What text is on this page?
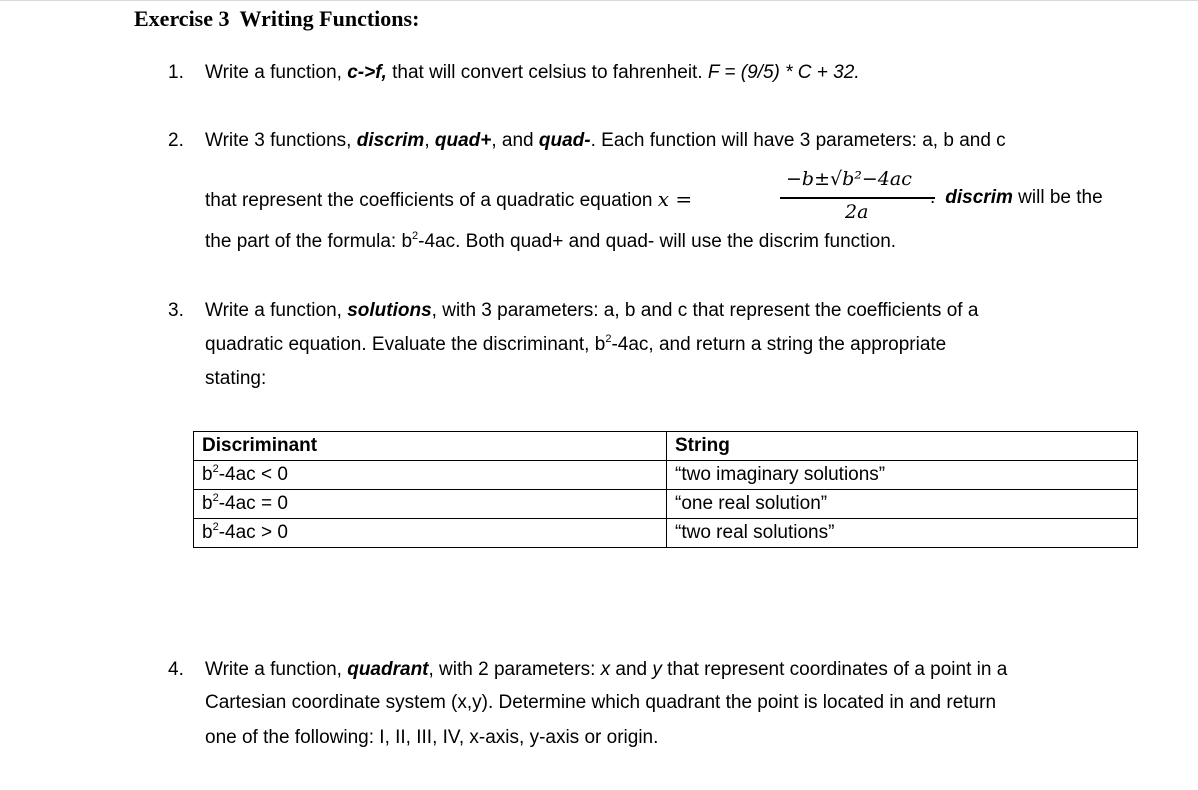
Exercise 3 Writing Functions:
1. Write a function, c->f, that will convert celsius to fahrenheit. F = (9/5) * C + 32.
2. Write 3 functions, discrim, quad+, and quad-. Each function will have 3 parameters: a, b and c
that represent the coefficients of a quadratic equation x =
−b±√b²−4ac
2a
. discrim will be the
the part of the formula: $b^2-4ac$. Both quad+ and quad- will use the discrim function.
3. Write a function, solutions, with 3 parameters: a, b and c that represent the coefficients of a
quadratic equation. Evaluate the discriminant, $b^2-4ac$, and return a string the appropriate
stating:
Discriminant	String
$b^2-4ac < 0$	“two imaginary solutions”
$b^2-4ac = 0$	“one real solution”
$b^2-4ac > 0$	“two real solutions”
4. Write a function, quadrant, with 2 parameters: x and y that represent coordinates of a point in a
Cartesian coordinate system (x,y). Determine which quadrant the point is located in and return
one of the following: I, II, III, IV, x-axis, y-axis or origin.
